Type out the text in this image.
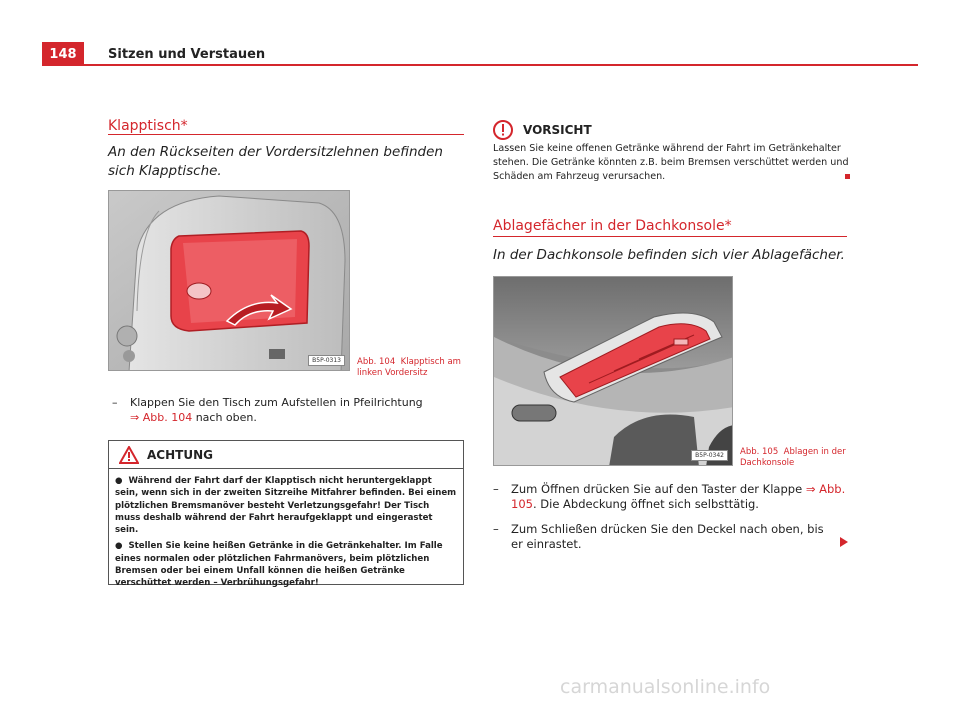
148	Sitzen und Verstauen
Klapptisch*
An den Rückseiten der Vordersitzlehnen befinden sich Klapptische.
B5P-0313	Abb. 104 Klapptisch am linken Vordersitz
– Klappen Sie den Tisch zum Aufstellen in Pfeilrichtung
⇒ Abb. 104 nach oben.
ACHTUNG

● Während der Fahrt darf der Klapptisch nicht heruntergeklappt sein, wenn sich in der zweiten Sitzreihe Mitfahrer befinden. Bei einem plötzlichen Bremsmanöver besteht Verletzungsgefahr! Der Tisch muss deshalb während der Fahrt heraufgeklappt und eingerastet sein.

● Stellen Sie keine heißen Getränke in die Getränkehalter. Im Falle eines normalen oder plötzlichen Fahrmanövers, beim plötzlichen Bremsen oder bei einem Unfall können die heißen Getränke verschüttet werden – Verbrühungsgefahr!

VORSICHT
Lassen Sie keine offenen Getränke während der Fahrt im Getränkehalter stehen. Die Getränke könnten z.B. beim Bremsen verschüttet werden und Schäden am Fahrzeug verursachen.
Ablagefächer in der Dachkonsole*
In der Dachkonsole befinden sich vier Ablagefächer.
B5P-0342	Abb. 105 Ablagen in der Dachkonsole
– Zum Öffnen drücken Sie auf den Taster der Klappe ⇒ Abb. 105. Die Abdeckung öffnet sich selbsttätig.
– Zum Schließen drücken Sie den Deckel nach oben, bis er einrastet.
carmanualsonline.info
